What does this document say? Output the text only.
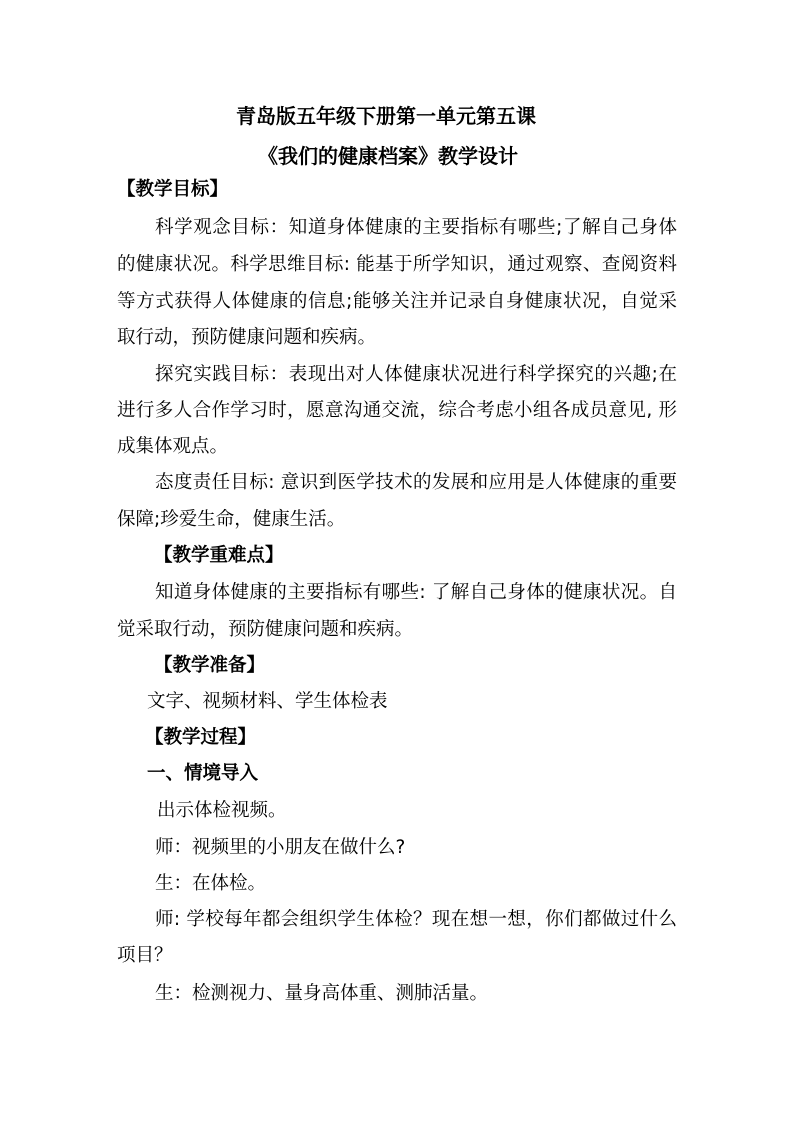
青岛版五年级下册第一单元第五课
《我们的健康档案》教学设计
【教学目标】
科学观念目标：知道身体健康的主要指标有哪些;了解自己身体
的健康状况。科学思维目标: 能基于所学知识，通过观察、查阅资料
等方式获得人体健康的信息;能够关注并记录自身健康状况，自觉采
取行动，预防健康问题和疾病。
探究实践目标：表现出对人体健康状况进行科学探究的兴趣;在
进行多人合作学习时，愿意沟通交流，综合考虑小组各成员意见, 形
成集体观点。
态度责任目标: 意识到医学技术的发展和应用是人体健康的重要
保障;珍爱生命，健康生活。
【教学重难点】
知道身体健康的主要指标有哪些: 了解自己身体的健康状况。自
觉采取行动，预防健康问题和疾病。
【教学准备】
文字、视频材料、学生体检表
【教学过程】
一、情境导入
出示体检视频。
师：视频里的小朋友在做什么?
生：在体检。
师: 学校每年都会组织学生体检？现在想一想，你们都做过什么
项目？
生：检测视力、量身高体重、测肺活量。
